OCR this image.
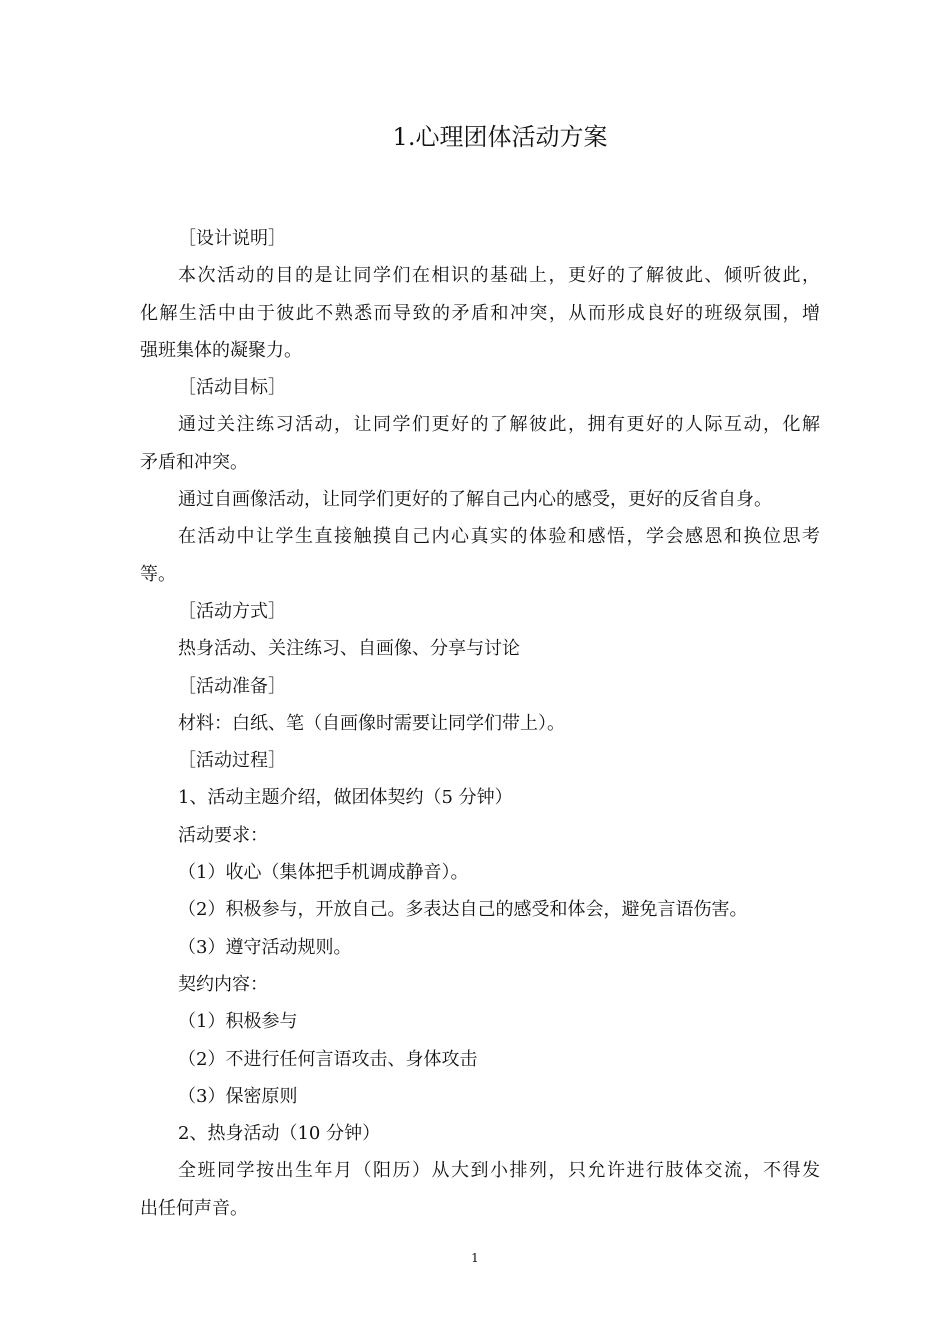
1.心理团体活动方案
［设计说明］
本次活动的目的是让同学们在相识的基础上，更好的了解彼此、倾听彼此，
化解生活中由于彼此不熟悉而导致的矛盾和冲突，从而形成良好的班级氛围，增
强班集体的凝聚力。
［活动目标］
通过关注练习活动，让同学们更好的了解彼此，拥有更好的人际互动，化解
矛盾和冲突。
通过自画像活动，让同学们更好的了解自己内心的感受，更好的反省自身。
在活动中让学生直接触摸自己内心真实的体验和感悟，学会感恩和换位思考
等。
［活动方式］
热身活动、关注练习、自画像、分享与讨论
［活动准备］
材料：白纸、笔（自画像时需要让同学们带上）。
［活动过程］
1、活动主题介绍，做团体契约（5 分钟）
活动要求：
（1）收心（集体把手机调成静音）。
（2）积极参与，开放自己。多表达自己的感受和体会，避免言语伤害。
（3）遵守活动规则。
契约内容：
（1）积极参与
（2）不进行任何言语攻击、身体攻击
（3）保密原则
2、热身活动（10 分钟）
全班同学按出生年月（阳历）从大到小排列，只允许进行肢体交流，不得发
出任何声音。
1
